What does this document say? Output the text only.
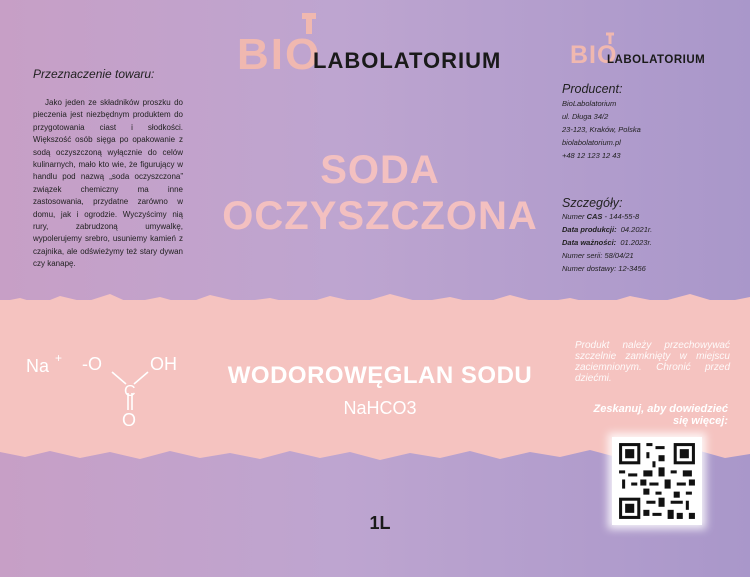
BIO
LABOLATORIUM	BIO
LABOLATORIUM
SODA OCZYSZCZONA
Przeznaczenie towaru:
Jako jeden ze składników proszku do pieczenia jest niezbędnym produktem do przygotowania ciast i słodkości. Większość osób sięga po opakowanie z sodą oczyszczoną wyłącznie do celów kulinarnych, mało kto wie, że figurujący w handlu pod nazwą „soda oczyszczona” związek chemiczny ma inne zastosowania, przydatne zarówno w domu, jak i ogrodzie. Wyczyścimy nią rury, zabrudzoną umywalkę, wypolerujemy srebro, usuniemy kamień z czajnika, ale odświeżymy też stary dywan czy kanapę.
Producent:
BioLabolatorium
ul. Długa 34/2
23-123, Kraków, Polska
biolabolatorium.pl
+48 12 123 12 43
Szczegóły:
Numer CAS - 144-55-8
Data produkcji:  04.2021r.
Data ważności:  01.2023r.
Numer serii: 58/04/21
Numer dostawy: 12-3456
Na + -O
C
OH
O
WODOROWĘGLAN SODU
NaHCO3
Produkt należy przechowywać szczelnie zamknięty w miejscu zaciemnionym. Chronić przed dziećmi.
Zeskanuj, aby dowiedzieć się więcej:
1L
